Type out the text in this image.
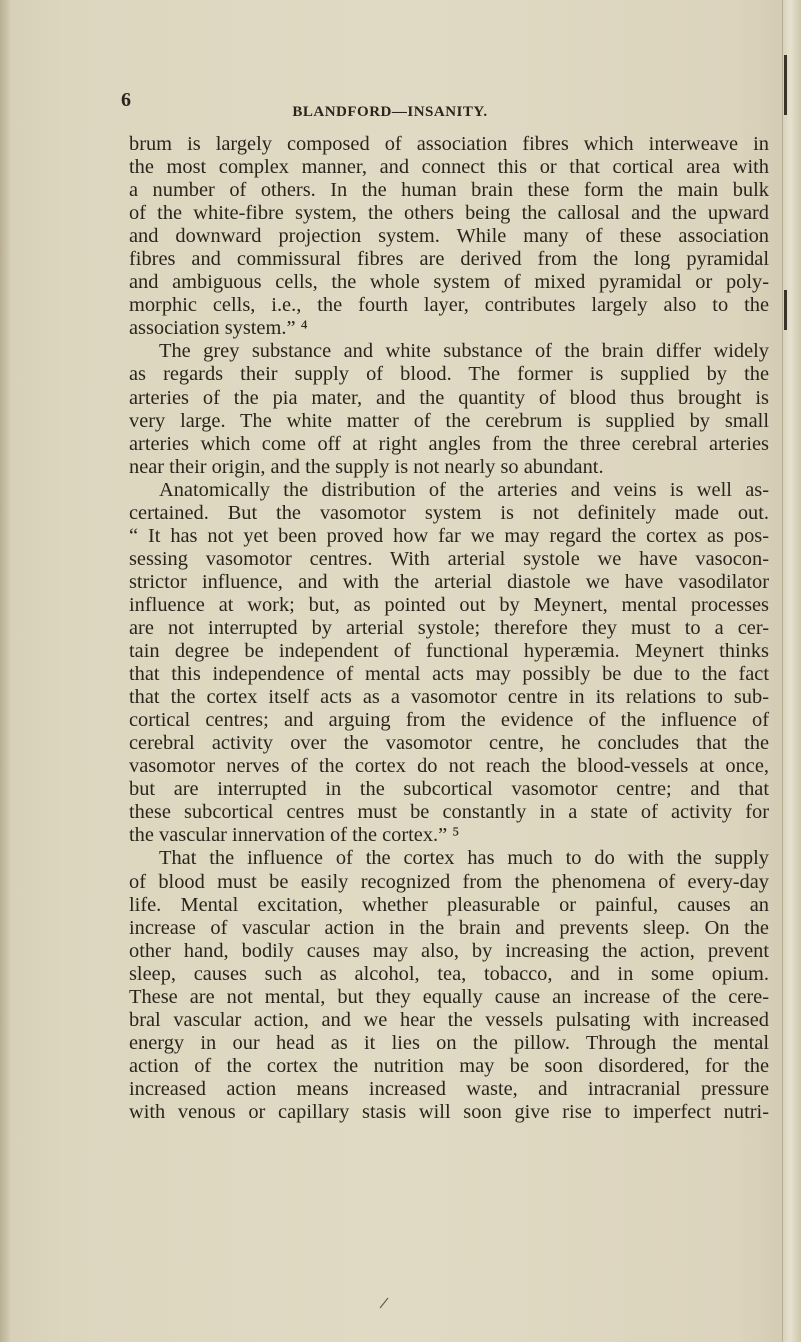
6
BLANDFORD—INSANITY.
brum is largely composed of association fibres which interweave in
the most complex manner, and connect this or that cortical area with
a number of others. In the human brain these form the main bulk
of the white-fibre system, the others being the callosal and the upward
and downward projection system. While many of these association
fibres and commissural fibres are derived from the long pyramidal
and ambiguous cells, the whole system of mixed pyramidal or poly-
morphic cells, i.e., the fourth layer, contributes largely also to the
association system.” ⁴
The grey substance and white substance of the brain differ widely
as regards their supply of blood. The former is supplied by the
arteries of the pia mater, and the quantity of blood thus brought is
very large. The white matter of the cerebrum is supplied by small
arteries which come off at right angles from the three cerebral arteries
near their origin, and the supply is not nearly so abundant.
Anatomically the distribution of the arteries and veins is well as-
certained. But the vasomotor system is not definitely made out.
“ It has not yet been proved how far we may regard the cortex as pos-
sessing vasomotor centres. With arterial systole we have vasocon-
strictor influence, and with the arterial diastole we have vasodilator
influence at work; but, as pointed out by Meynert, mental processes
are not interrupted by arterial systole; therefore they must to a cer-
tain degree be independent of functional hyperæmia. Meynert thinks
that this independence of mental acts may possibly be due to the fact
that the cortex itself acts as a vasomotor centre in its relations to sub-
cortical centres; and arguing from the evidence of the influence of
cerebral activity over the vasomotor centre, he concludes that the
vasomotor nerves of the cortex do not reach the blood-vessels at once,
but are interrupted in the subcortical vasomotor centre; and that
these subcortical centres must be constantly in a state of activity for
the vascular innervation of the cortex.” ⁵
That the influence of the cortex has much to do with the supply
of blood must be easily recognized from the phenomena of every-day
life. Mental excitation, whether pleasurable or painful, causes an
increase of vascular action in the brain and prevents sleep. On the
other hand, bodily causes may also, by increasing the action, prevent
sleep, causes such as alcohol, tea, tobacco, and in some opium.
These are not mental, but they equally cause an increase of the cere-
bral vascular action, and we hear the vessels pulsating with increased
energy in our head as it lies on the pillow. Through the mental
action of the cortex the nutrition may be soon disordered, for the
increased action means increased waste, and intracranial pressure
with venous or capillary stasis will soon give rise to imperfect nutri-
